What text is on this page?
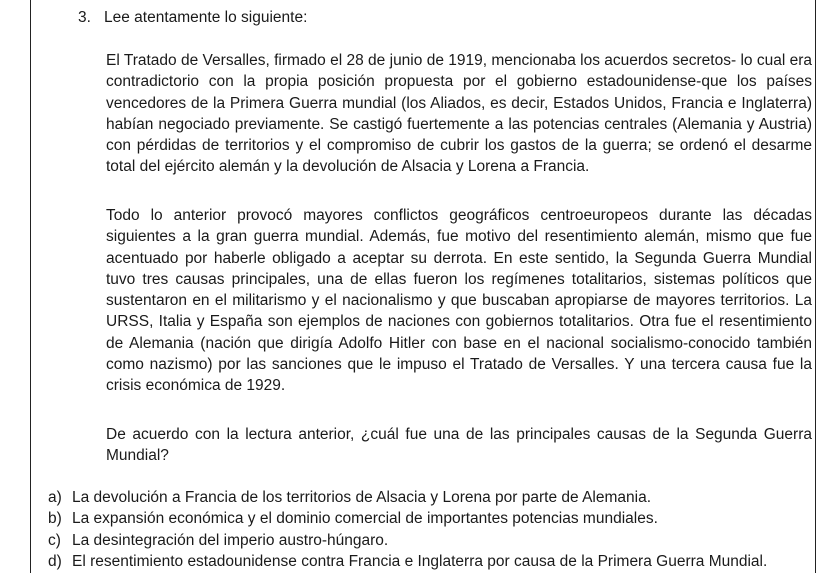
3. Lee atentamente lo siguiente:

El Tratado de Versalles, firmado el 28 de junio de 1919, mencionaba los acuerdos secretos- lo cual era contradictorio con la propia posición propuesta por el gobierno estadounidense-que los países vencedores de la Primera Guerra mundial (los Aliados, es decir, Estados Unidos, Francia e Inglaterra) habían negociado previamente. Se castigó fuertemente a las potencias centrales (Alemania y Austria) con pérdidas de territorios y el compromiso de cubrir los gastos de la guerra; se ordenó el desarme total del ejército alemán y la devolución de Alsacia y Lorena a Francia.

Todo lo anterior provocó mayores conflictos geográficos centroeuropeos durante las décadas siguientes a la gran guerra mundial. Además, fue motivo del resentimiento alemán, mismo que fue acentuado por haberle obligado a aceptar su derrota. En este sentido, la Segunda Guerra Mundial tuvo tres causas principales, una de ellas fueron los regímenes totalitarios, sistemas políticos que sustentaron en el militarismo y el nacionalismo y que buscaban apropiarse de mayores territorios. La URSS, Italia y España son ejemplos de naciones con gobiernos totalitarios. Otra fue el resentimiento de Alemania (nación que dirigía Adolfo Hitler con base en el nacional socialismo-conocido también como nazismo) por las sanciones que le impuso el Tratado de Versalles. Y una tercera causa fue la crisis económica de 1929.

De acuerdo con la lectura anterior, ¿cuál fue una de las principales causas de la Segunda Guerra Mundial?

a) La devolución a Francia de los territorios de Alsacia y Lorena por parte de Alemania.
b) La expansión económica y el dominio comercial de importantes potencias mundiales.
c) La desintegración del imperio austro-húngaro.
d) El resentimiento estadounidense contra Francia e Inglaterra por causa de la Primera Guerra Mundial.
